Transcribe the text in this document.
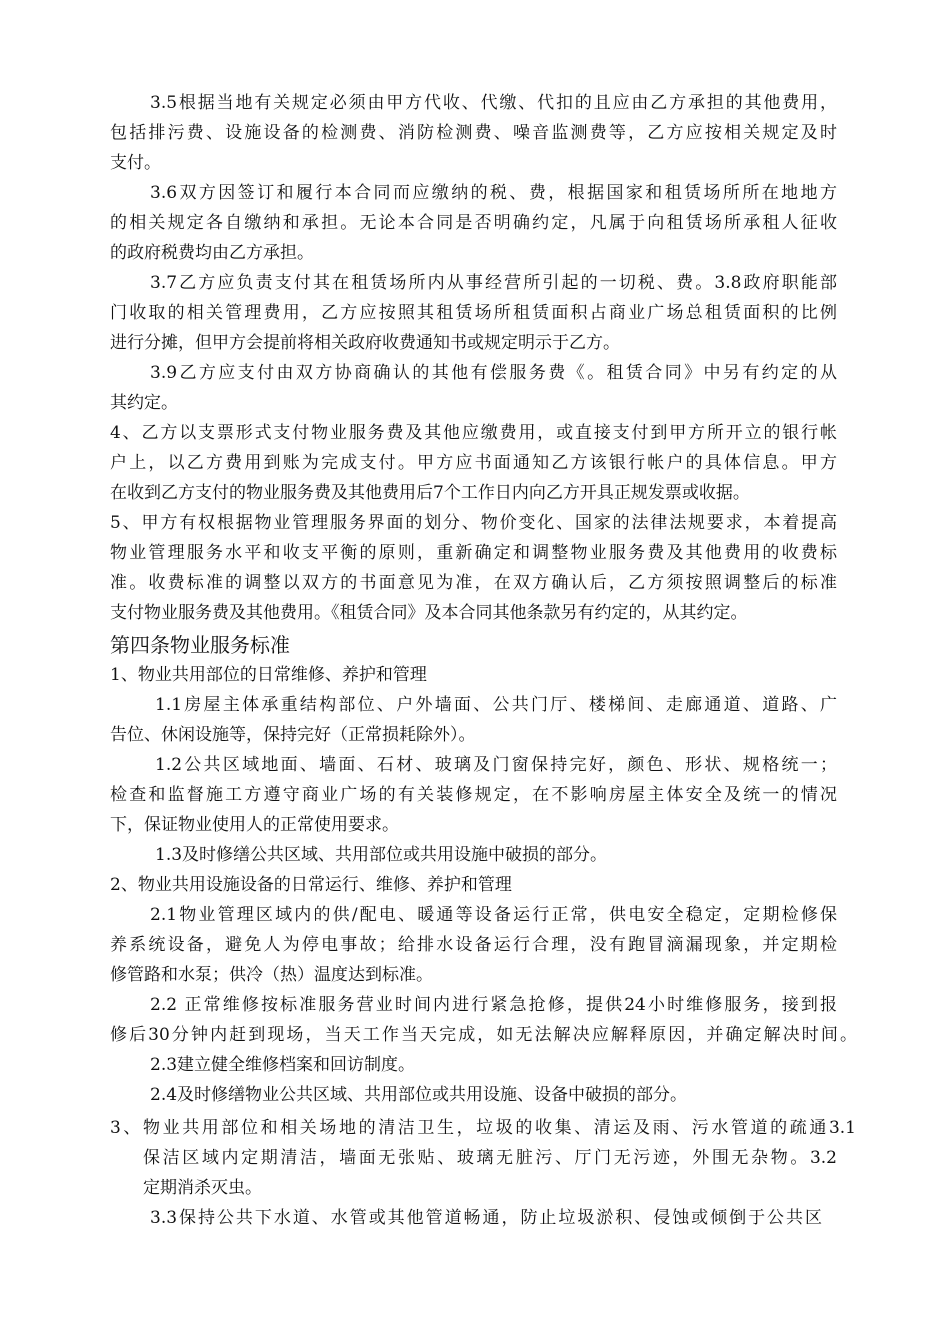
3.5根据当地有关规定必须由甲方代收、代缴、代扣的且应由乙方承担的其他费用，

包括排污费、设施设备的检测费、消防检测费、噪音监测费等，乙方应按相关规定及时

支付。

3.6双方因签订和履行本合同而应缴纳的税、费，根据国家和租赁场所所在地地方

的相关规定各自缴纳和承担。无论本合同是否明确约定，凡属于向租赁场所承租人征收

的政府税费均由乙方承担。

3.7乙方应负责支付其在租赁场所内从事经营所引起的一切税、费。3.8政府职能部

门收取的相关管理费用，乙方应按照其租赁场所租赁面积占商业广场总租赁面积的比例

进行分摊，但甲方会提前将相关政府收费通知书或规定明示于乙方。

3.9乙方应支付由双方协商确认的其他有偿服务费《。租赁合同》中另有约定的从

其约定。

4、乙方以支票形式支付物业服务费及其他应缴费用，或直接支付到甲方所开立的银行帐

户上，以乙方费用到账为完成支付。甲方应书面通知乙方该银行帐户的具体信息。甲方

在收到乙方支付的物业服务费及其他费用后7个工作日内向乙方开具正规发票或收据。

5、甲方有权根据物业管理服务界面的划分、物价变化、国家的法律法规要求，本着提高

物业管理服务水平和收支平衡的原则，重新确定和调整物业服务费及其他费用的收费标

准。收费标准的调整以双方的书面意见为准，在双方确认后，乙方须按照调整后的标准

支付物业服务费及其他费用。《租赁合同》及本合同其他条款另有约定的，从其约定。

第四条物业服务标准

1、物业共用部位的日常维修、养护和管理

1.1房屋主体承重结构部位、户外墙面、公共门厅、楼梯间、走廊通道、道路、广

告位、休闲设施等，保持完好（正常损耗除外）。

1.2公共区域地面、墙面、石材、玻璃及门窗保持完好，颜色、形状、规格统一；

检查和监督施工方遵守商业广场的有关装修规定，在不影响房屋主体安全及统一的情况

下，保证物业使用人的正常使用要求。

1.3及时修缮公共区域、共用部位或共用设施中破损的部分。

2、物业共用设施设备的日常运行、维修、养护和管理

2.1物业管理区域内的供/配电、暖通等设备运行正常，供电安全稳定，定期检修保

养系统设备，避免人为停电事故；给排水设备运行合理，没有跑冒滴漏现象，并定期检

修管路和水泵；供冷（热）温度达到标准。

2.2 正常维修按标准服务营业时间内进行紧急抢修，提供24小时维修服务，接到报

修后30分钟内赶到现场，当天工作当天完成，如无法解决应解释原因，并确定解决时间。

2.3建立健全维修档案和回访制度。

2.4及时修缮物业公共区域、共用部位或共用设施、设备中破损的部分。

3、物业共用部位和相关场地的清洁卫生，垃圾的收集、清运及雨、污水管道的疏通3.1

保洁区域内定期清洁，墙面无张贴、玻璃无脏污、厅门无污迹，外围无杂物。3.2

定期消杀灭虫。

3.3保持公共下水道、水管或其他管道畅通，防止垃圾淤积、侵蚀或倾倒于公共区
